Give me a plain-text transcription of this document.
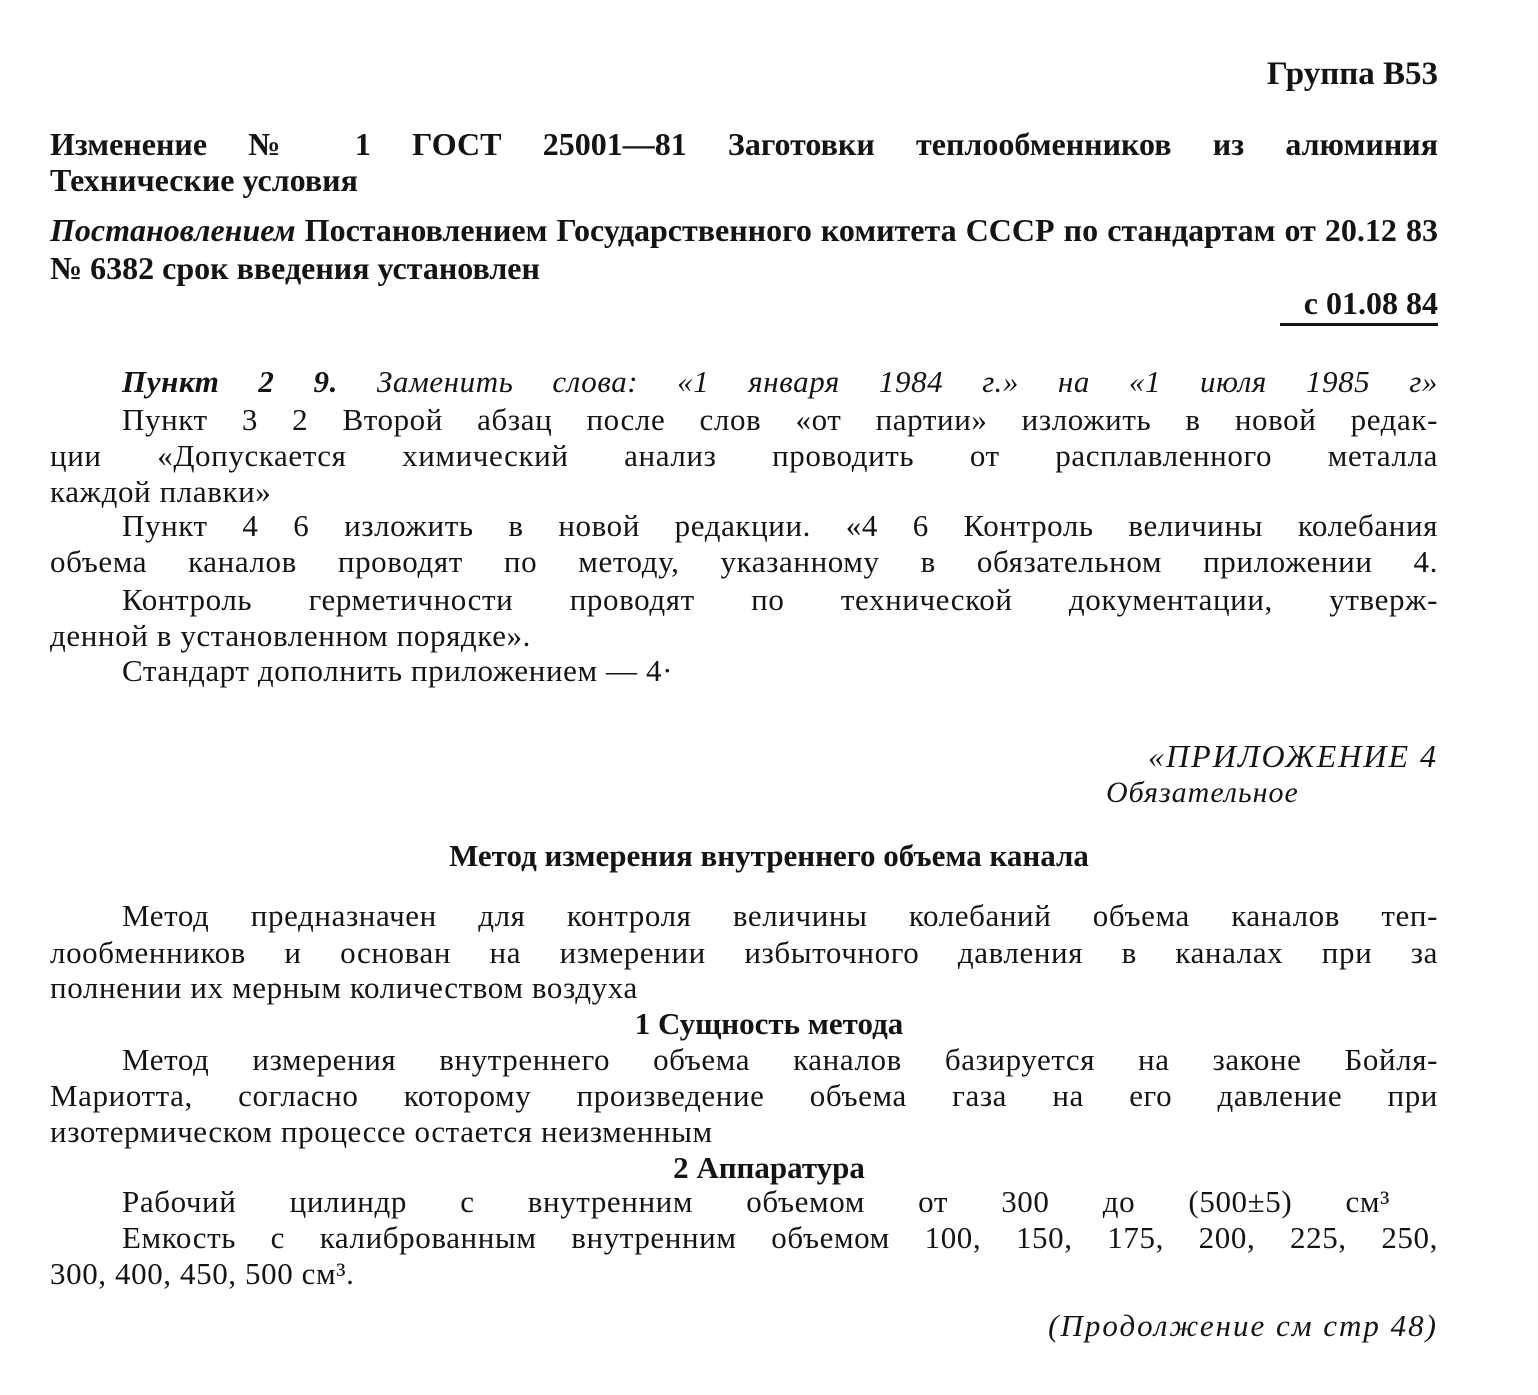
Группа В53
Изменение № 1 ГОСТ 25001—81 Заготовки теплообменников из алюминия
Технические условия
Постановлением Постановлением Государственного комитета СССР по стандартам от 20.12 83
№ 6382 срок введения установлен
с 01.08 84
Пункт 2 9. Заменить слова: «1 января 1984 г.» на «1 июля 1985 г»
Пункт 3 2 Второй абзац после слов «от партии» изложить в новой редак-
ции «Допускается химический анализ проводить от расплавленного металла
каждой плавки»
Пункт 4 6 изложить в новой редакции. «4 6 Контроль величины колебания
объема каналов проводят по методу, указанному в обязательном приложении 4.
Контроль герметичности проводят по технической документации, утверж-
денной в установленном порядке».
Стандарт дополнить приложением — 4·
«ПРИЛОЖЕНИЕ 4
Обязательное
Метод измерения внутреннего объема канала
Метод предназначен для контроля величины колебаний объема каналов теп-
лообменников и основан на измерении избыточного давления в каналах при за
полнении их мерным количеством воздуха
1 Сущность метода
Метод измерения внутреннего объема каналов базируется на законе Бойля-
Мариотта, согласно которому произведение объема газа на его давление при
изотермическом процессе остается неизменным
2 Аппаратура
Рабочий цилиндр с внутренним объемом от 300 до (500±5) см³
Емкость с калиброванным внутренним объемом 100, 150, 175, 200, 225, 250,
300, 400, 450, 500 см³.
(Продолжение см стр 48)
